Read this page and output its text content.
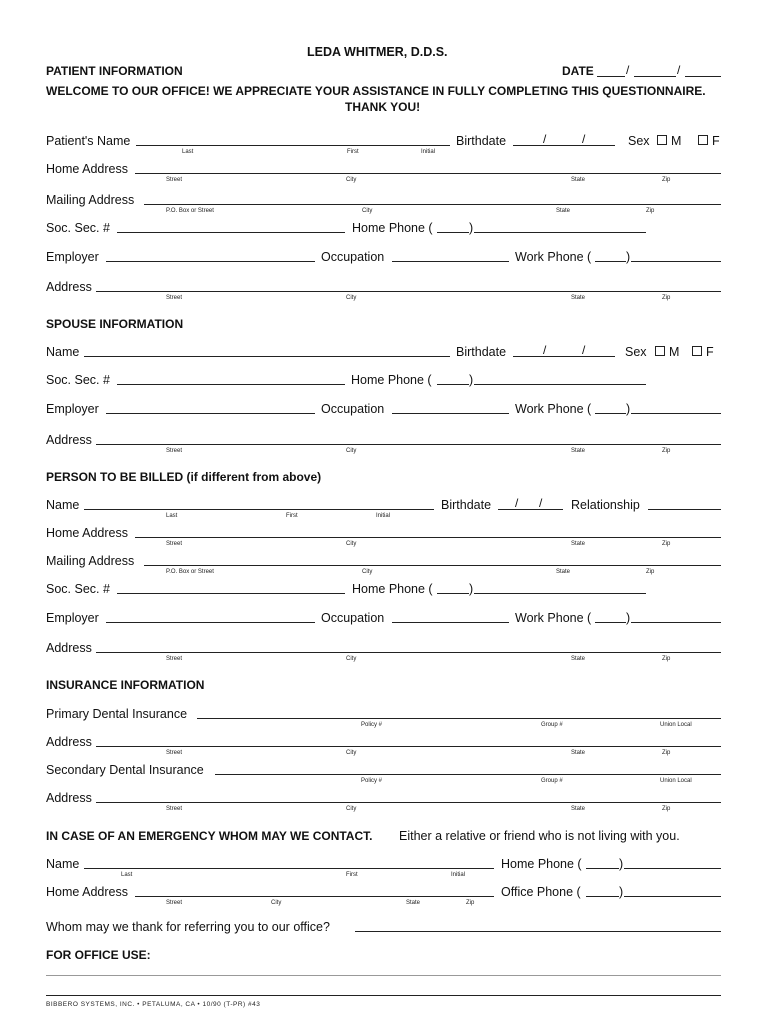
LEDA WHITMER, D.D.S.
PATIENT INFORMATION	DATE	/	/
WELCOME TO OUR OFFICE! WE APPRECIATE YOUR ASSISTANCE IN FULLY COMPLETING THIS QUESTIONNAIRE.
THANK YOU!
Patient's Name
Last	First	Initial
Birthdate	/	/	Sex M F
Home Address
Street	City	State	Zip
Mailing Address
P.O. Box or Street	City	State	Zip
Soc. Sec. #	Home Phone (	)
Employer	Occupation	Work Phone (	)
Address
Street	City	State	Zip
SPOUSE INFORMATION
Name	Birthdate	/	/	Sex M F
Soc. Sec. #	Home Phone (	)
Employer	Occupation	Work Phone (	)
Address
Street	City	State	Zip
PERSON TO BE BILLED (if different from above)
Name
Last	First	Initial
Birthdate / / Relationship
Home Address
Street	City	State	Zip
Mailing Address
P.O. Box or Street	City	State	Zip
Soc. Sec. #	Home Phone (	)
Employer	Occupation	Work Phone (	)
Address
Street	City	State	Zip
INSURANCE INFORMATION
Primary Dental Insurance
Policy #	Group #	Union Local
Address
Street	City	State	Zip
Secondary Dental Insurance
Policy #	Group #	Union Local
Address
Street	City	State	Zip
IN CASE OF AN EMERGENCY WHOM MAY WE CONTACT. Either a relative or friend who is not living with you.
Name
Last	First	Initial
Home Phone (	)
Home Address
Street	City	State	Zip
Office Phone (	)
Whom may we thank for referring you to our office?
FOR OFFICE USE:
BIBBERO SYSTEMS, INC. • PETALUMA, CA • 10/90 (T-PR) #43
